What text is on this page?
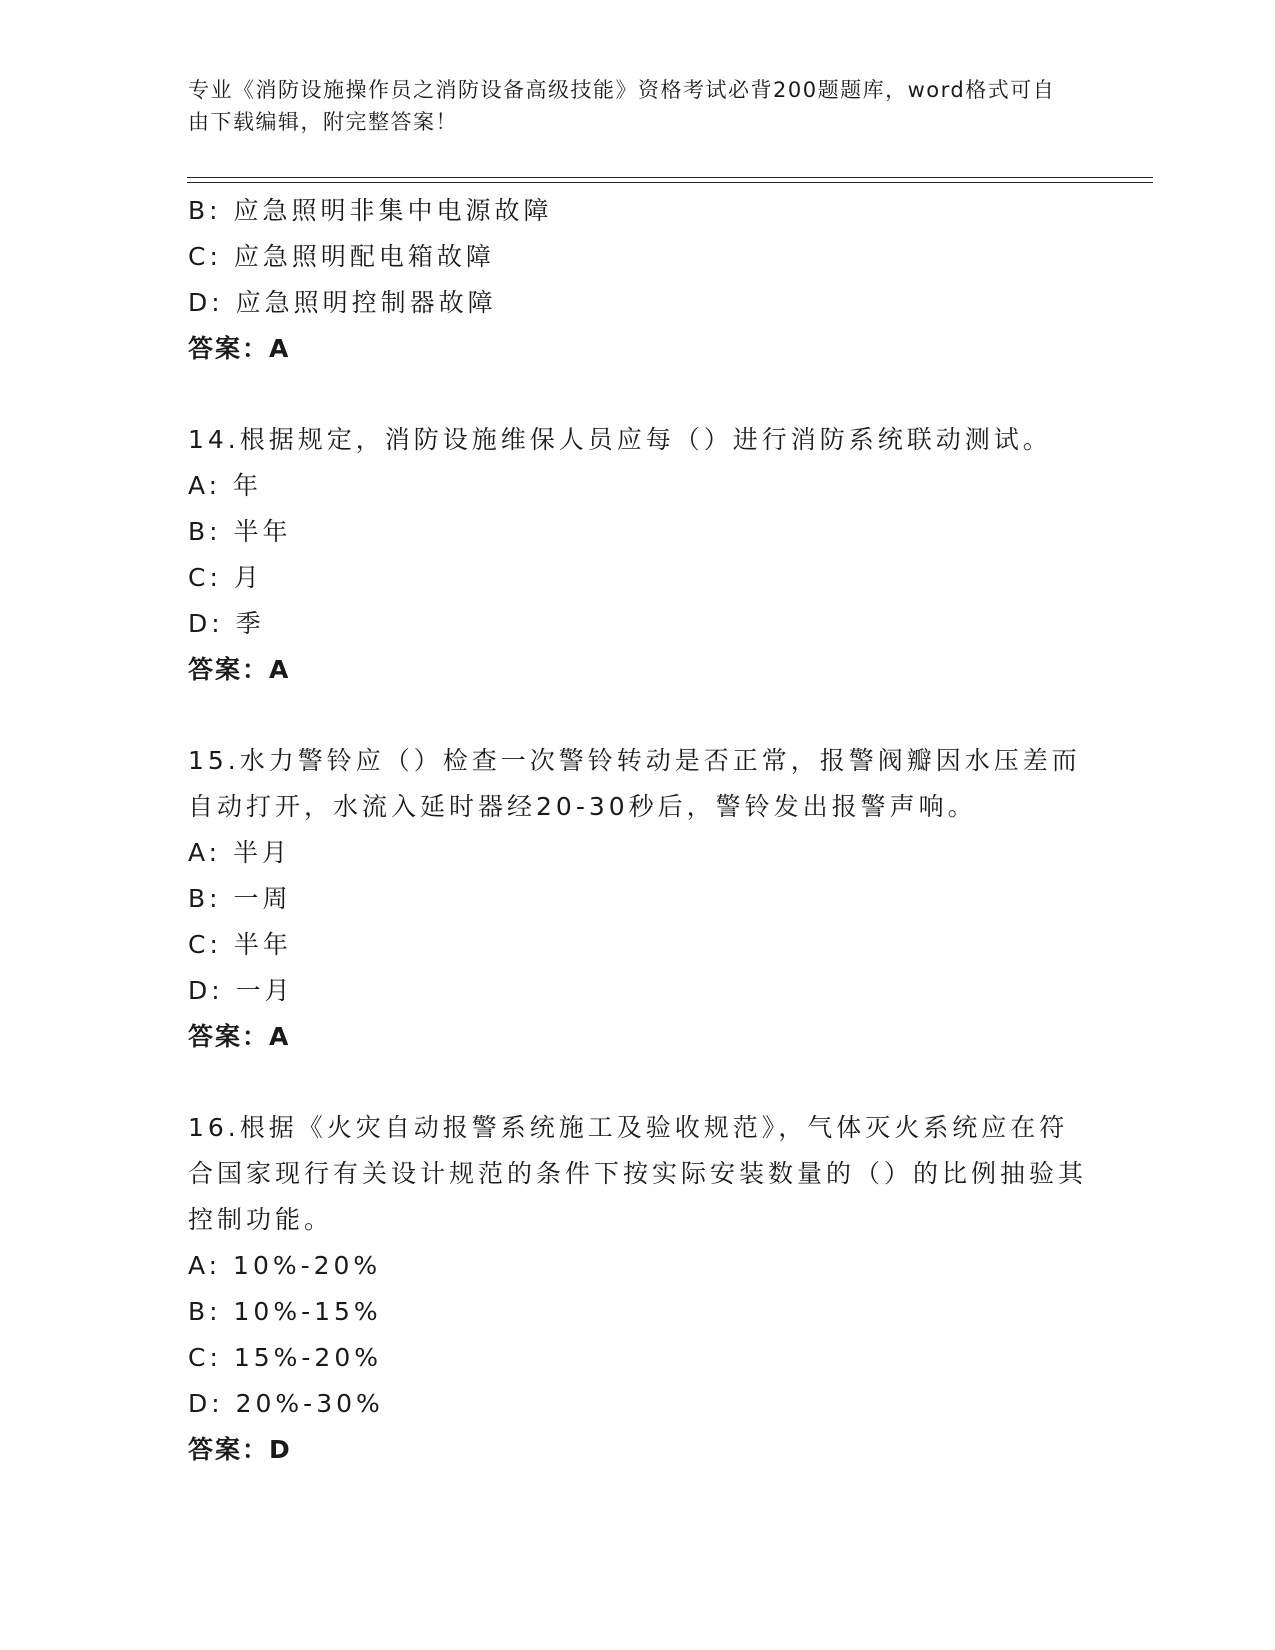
专业《消防设施操作员之消防设备高级技能》资格考试必背200题题库，word格式可自由下载编辑，附完整答案！
B: 应急照明非集中电源故障
C: 应急照明配电箱故障
D: 应急照明控制器故障
答案：A
14.根据规定，消防设施维保人员应每（）进行消防系统联动测试。
A: 年
B: 半年
C: 月
D: 季
答案：A
15.水力警铃应（）检查一次警铃转动是否正常，报警阀瓣因水压差而自动打开，水流入延时器经20-30秒后，警铃发出报警声响。
A: 半月
B: 一周
C: 半年
D: 一月
答案：A
16.根据《火灾自动报警系统施工及验收规范》，气体灭火系统应在符合国家现行有关设计规范的条件下按实际安装数量的（）的比例抽验其控制功能。
A: 10%-20%
B: 10%-15%
C: 15%-20%
D: 20%-30%
答案：D
